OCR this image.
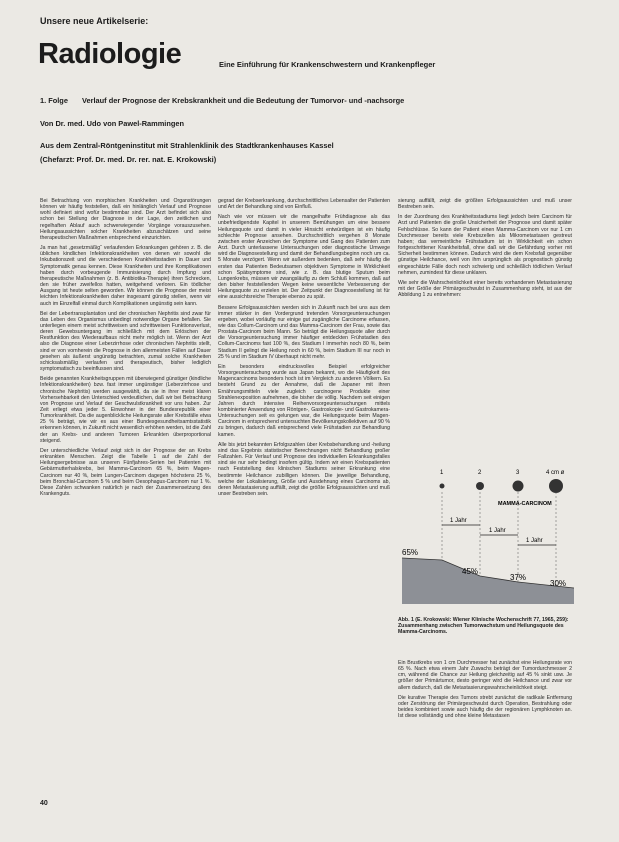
Unsere neue Artikelserie:
Radiologie	Eine Einführung für Krankenschwestern und Krankenpfleger
1. Folge Verlauf der Prognose der Krebskrankheit und die Bedeutung der Tumorvor- und -nachsorge
Von Dr. med. Udo von Pawel-Rammingen
Aus dem Zentral-Röntgeninstitut mit Strahlenklinik des Stadtkrankenhauses Kassel
(Chefarzt: Prof. Dr. med. Dr. rer. nat. E. Krokowski)

Bei Betrachtung von morphischen Krankheiten und Organstörungen können wir häufig feststellen, daß ein hinlänglich Verlauf und Prognose wohl definiert sind wofür bestimmbar sind. Der Arzt befindet sich also schon bei Stellung der Diagnose in der Lage, den zeitlichen und regelhaften Ablauf auch schwerwiegender Vorgänge vorauszusehen. Heilungsaussichten solcher Krankheiten abzuschätzen und seine therapeutischen Maßnahmen entsprechend einzurichten.

Ja man hat „gesetzmäßig“ verlaufenden Erkrankungen gehören z. B. die üblichen kindlichen Infektionskrankheiten von denen wir sowohl die Inkubationszeit und die verschiedenen Krankheitsstadien in Dauer und Symptomatik genau kennen. Diese Krankheiten und ihre Komplikationen haben durch vorbeugende Immunisierung durch Impfung und therapeutische Maßnahmen (z. B. Antibiotika-Therapie) ihren Schrecken, den sie früher zweifellos hatten, weitgehend verloren. Ein tödlicher Ausgang ist heute selten geworden. Wir können die Prognose der meist leichten Infektionskrankheiten daher insgesamt günstig stellen, wenn wir auch im Einzelfall einmal durch Komplikationen ungünstig sein kann.

Bei der Lebertransplantation und der chronischen Nephritis sind zwar für das Leben des Organismus unbedingt notwendige Organe befallen. Sie unterliegen einem meist schrittweisen und schrittweisen Funktionsverlust, deren Gewebsuntergang im schließlich mit dem Erlöschen der Restfunktion des Wiederaufbaus nicht mehr möglich ist. Wenn der Arzt also die Diagnose einer Leberzirrhose oder chronischen Nephritis stellt, sind er von vornherein die Prognose in den allermeisten Fällen auf Dauer gesehen als äußerst ungünstig betrachten, zumal solche Krankheiten schicksalsmäßig verlaufen und therapeutisch, bisher lediglich symptomatisch zu beeinflussen sind.

Beide genannten Krankheitsgruppen mit überwiegend günstiger (kindliche Infektionskrankheiten) bzw. fast immer ungünstiger (Leberzirrhose und chronische Nephritis) werden ausgewählt, da sie in ihrer meist klaren Vorhersehbarkeit den Unterschied verdeutlichen, daß wir bei Betrachtung von Prognose und Verlauf der Geschwulstkrankheit vor uns haben. Zur Zeit erliegt etwa jeder 5. Einwohner in der Bundesrepublik einer Tumorkrankheit. Da die augenblickliche Heilungsrate aller Krebsfälle etwa 25 % beträgt, wie wir es aus einer Bundesgesundheitsamtsstatistik erkennen können, in Zukunft nicht wesentlich erhöhen werden, ist die Zahl der an Krebs- und anderen Tumoren Erkrankten überproportional steigend.

Der unterschiedliche Verlauf zeigt sich in der Prognose der an Krebs erkrankten Menschen. Zeigt die Tabelle 1 auf die Zahl der Heilungsergebnisse aus unseren Fünfjahres-Serien bei Patienten mit Gebärmutterhalskrebs, bei Mamma-Carcinom 65 %, beim Magen-Carcinom nur 40 %, beim Lungen-Carcinom dagegen höchstens 25 %, beim Bronchial-Carcinom 5 % und beim Oesophagus-Carcinom nur 1 %. Diese Zahlen schwanken natürlich je nach der Zusammensetzung des Krankenguts.

gegrad der Krebserkrankung, durchschnittliches Lebensalter der Patienten und Art der Behandlung sind von Einfluß.

Nach wie vor müssen wir die mangelhafte Frühdiagnose als das unbefriedigendste Kapitel in unserem Bemühungen um eine bessere Heilungsquote und damit in vieler Hinsicht entwürdigen ist ein häufig schlechte Prognose ansehen. Durchschnittlich vergehen 8 Monate zwischen erster Anzeichen der Symptome und Gang des Patienten zum Arzt. Durch unterlassene Untersuchungen oder diagnostische Umwege wird die Diagnosestellung und damit der Behandlungsbeginn noch um ca. 5 Monate verzögert. Wenn wir außerdem bedenken, daß sehr häufig die ersten das Patienten Bedeutsamen objektiven Symptome in Wirklichkeit schon Spätsymptome sind, wie z. B. das blutige Sputum beim Lungenkrebs, müssen wir zwangsläufig zu dem Schluß kommen, daß auf den bisher feststellenden Wegen keine wesentliche Verbesserung der Heilungsquote zu erzielen ist. Der Zeitpunkt der Diagnosestellung ist für eine aussichtsreiche Therapie ebenso zu spät.

Bessere Erfolgsaussichten werden sich in Zukunft nach bei uns aus dem immer stärker in den Vordergrund tretenden Vorsorgeuntersuchungen ergeben, wobei vorläufig nur einige gut zugängliche Carcinome erfassen, wie das Collum-Carcinom und das Mamma-Carcinom der Frau, sowie das Prostata-Carcinom beim Mann. So beträgt die Heilungsquote aller durch die Vorsorgeuntersuchung immer häufiger entdeckten Frühstadien des Collum-Carcinoms fast 100 %, des Stadium I immerhin noch 80 %, beim Stadium II gelingt die Heilung noch in 60 %, beim Stadium III nur noch in 25 % und im Stadium IV überhaupt nicht mehr.

Ein besonders eindrucksvolles Beispiel erfolgreicher Vorsorgeuntersuchung wurde aus Japan bekannt, wo die Häufigkeit des Magencarcinoms besonders hoch ist im Vergleich zu anderen Völkern. Es besteht Grund zu der Annahme, daß die Japaner mit ihren Ernährungsmitteln viele zugleich carcinogene Produkte einer Strahlenexposition aufnehmen, die bisher die völlig. Nachdem seit einigen Jahren durch intensive Reihenvorsorgeuntersuchungen mittels kombinierter Anwendung von Röntgen-, Gastroskopie- und Gastrokamera-Untersuchungen seit es gelungen war, die Heilungsquote beim Magen-Carcinom in entsprechend untersuchten Bevölkerungskollektiven auf 90 % zu bringen, dadurch daß entsprechend viele Frühstadien zur Behandlung kamen.

Alle bis jetzt bekannten Erfolgszahlen über Krebsbehandlung und -heilung sind das Ergebnis statistischer Berechnungen nicht Behandlung großer Fallzahlen. Für Verlauf und Prognose des individuellen Erkrankungsfalles sind sie nur sehr bedingt insofern gültig. Indem wir einen Krebspatienten nach Feststellung des klinischen Stadiums seiner Erkrankung eine bestimmte Heilchance zubilligen können. Die jeweilige Behandlung, welche der Lokalisierung, Größe und Ausdehnung eines Carcinoms ab, deren Metastasierung auffällt, zeigt die größte Erfolgsaussichten und muß unser Bestreben sein.

sierung auffällt, zeigt die größten Erfolgsaussichten und muß unser Bestreben sein.

In der Zuordnung des Krankheitsstadiums liegt jedoch beim Carcinom für Arzt und Patienten die große Unsicherheit der Prognose und damit später Fehlschlüsse. So kann der Patient einen Mamma-Carcinom vor nur 1 cm Durchmesser bereits viele Krebszellen als Mikrometastasen gestreut haben; das vermeintliche Frühstadium ist in Wirklichkeit ein schon fortgeschrittener Krankheitsfall, ohne daß wir die Gefährdung vorher mit Sicherheit bestimmen können. Dadurch wird die dem Krebsfall gegenüber günstige Heilchance, weil von ihm ursprünglich als prognostisch günstig eingeschätzte Fälle doch noch schwierig und schließlich tödlichen Verlauf nehmen, zumindest für diese unklaren.

Wie sehr die Wahrscheinlichkeit einer bereits vorhandenen Metastasierung mit der Größe der Primärgeschwulst in Zusammenhang steht, ist aus der Abbildung 1 zu entnehmen:

1	2	3	4 cm ø
MAMMA-CARCINOM
1 Jahr
1 Jahr
1 Jahr
65%
45%
37%
30%
Abb. 1 (E. Krokowski: Wiener Klinische Wochenschrift 77, 1965, 259): Zusammenhang zwischen Tumorwachstum und Heilungsquote des Mamma-Carcinoms.

Ein Brustkrebs von 1 cm Durchmesser hat zunächst eine Heilungsrate von 65 %. Nach etwa einem Jahr Zuwachs beträgt der Tumordurchmesser 2 cm, während die Chance zur Heilung gleichzeitig auf 45 % sinkt usw. Je größer der Primärtumor, desto geringer wird die Heilchance und zwar vor allem dadurch, daß die Metastasierungswahrscheinlichkeit steigt.

Die kurative Therapie des Tumors strebt zunächst die radikale Entfernung oder Zerstörung der Primärgeschwulst durch Operation, Bestrahlung oder beides kombiniert sowie auch häufig die der regionären Lymphknoten an. Ist diese vollständig und ohne kleine Metastasen

40
